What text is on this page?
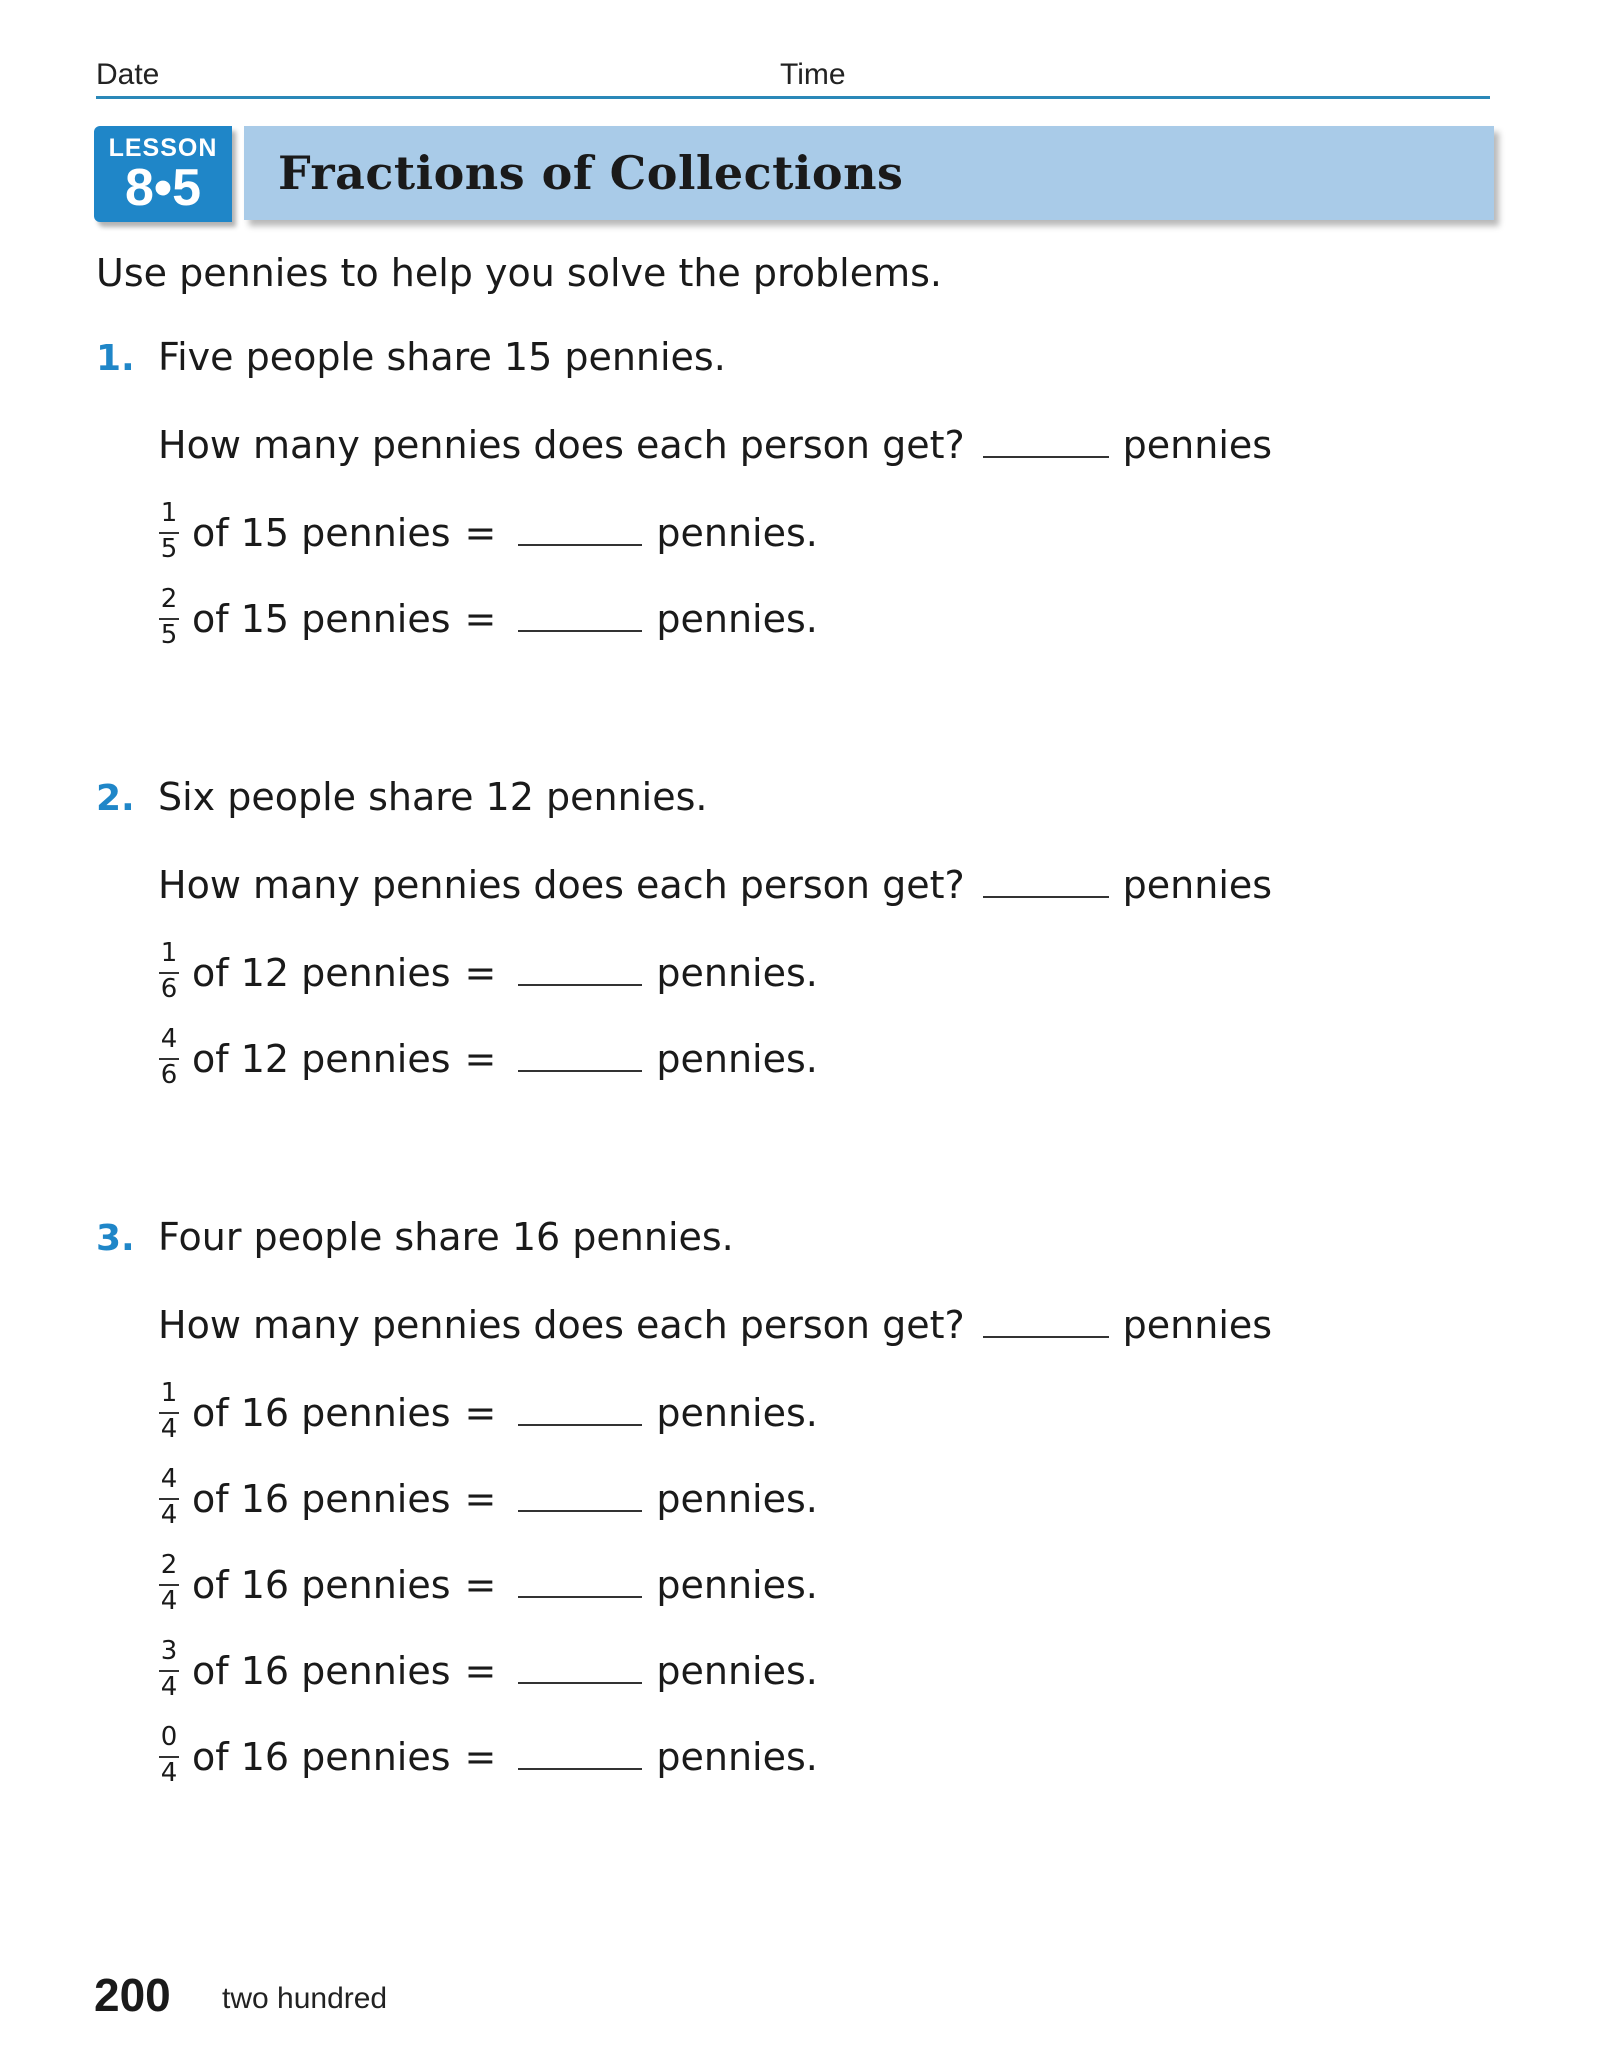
Date	Time
Fractions of Collections
LESSON
8•5
Use pennies to help you solve the problems.
1. Five people share 15 pennies.
How many pennies does each person get?	pennies
1
5 of 15 pennies =	pennies.
2
5 of 15 pennies =	pennies.
2. Six people share 12 pennies.
How many pennies does each person get?	pennies
1
6 of 12 pennies =	pennies.
4
6 of 12 pennies =	pennies.
3. Four people share 16 pennies.
How many pennies does each person get?	pennies
1
4 of 16 pennies =	pennies.
4
4 of 16 pennies =	pennies.
2
4 of 16 pennies =	pennies.
3
4 of 16 pennies =	pennies.
0
4 of 16 pennies =	pennies.
200 two hundred
